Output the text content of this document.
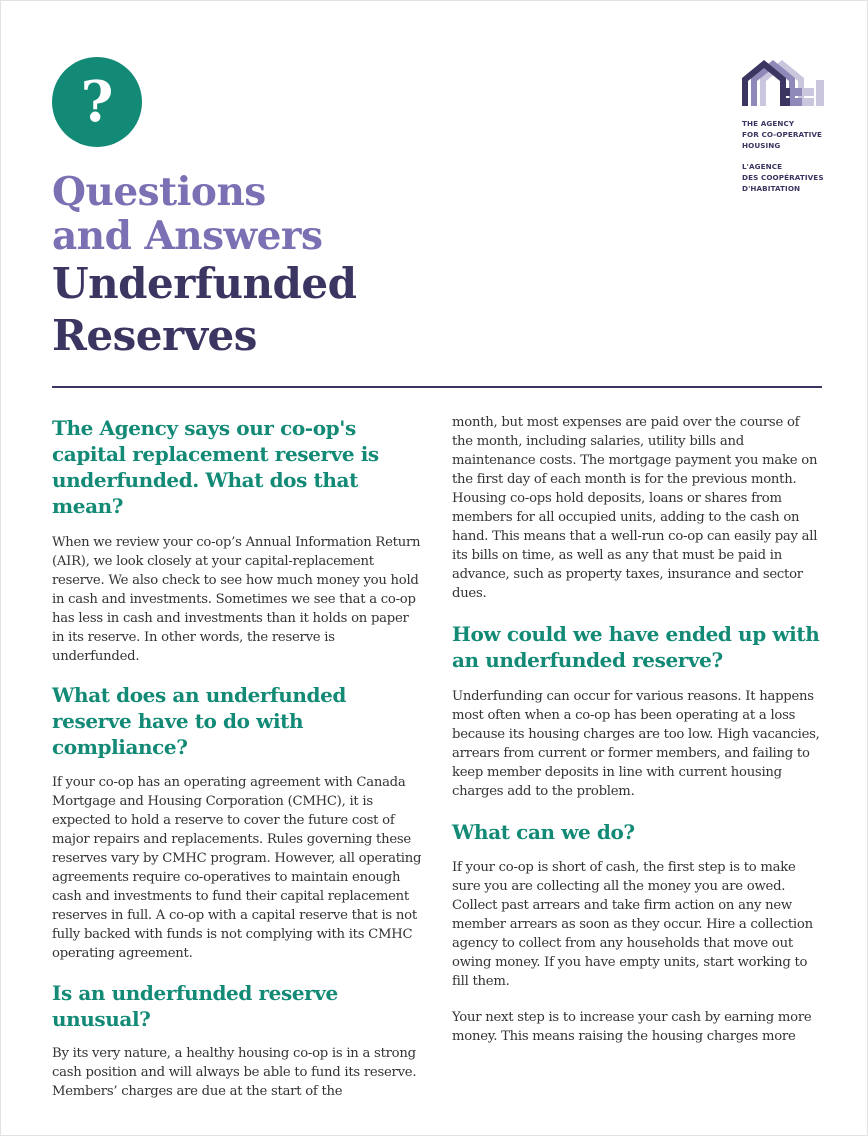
?
Questions
and Answers
Underfunded
Reserves
THE AGENCY
FOR CO-OPERATIVE
HOUSING
L'AGENCE
DES COOPÉRATIVES
D'HABITATION
The Agency says our co-op's capital replacement reserve is underfunded. What dos that mean?

When we review your co-op’s Annual Information Return (AIR), we look closely at your capital-replacement reserve. We also check to see how much money you hold in cash and investments. Sometimes we see that a co-op has less in cash and investments than it holds on paper in its reserve. In other words, the reserve is underfunded.

What does an underfunded reserve have to do with compliance?

If your co-op has an operating agreement with Canada Mortgage and Housing Corporation (CMHC), it is expected to hold a reserve to cover the future cost of major repairs and replacements. Rules governing these reserves vary by CMHC program. However, all operating agreements require co-operatives to maintain enough cash and investments to fund their capital replacement reserves in full. A co-op with a capital reserve that is not fully backed with funds is not complying with its CMHC operating agreement.

Is an underfunded reserve unusual?

By its very nature, a healthy housing co-op is in a strong cash position and will always be able to fund its reserve. Members’ charges are due at the start of the

month, but most expenses are paid over the course of the month, including salaries, utility bills and maintenance costs. The mortgage payment you make on the first day of each month is for the previous month. Housing co-ops hold deposits, loans or shares from members for all occupied units, adding to the cash on hand. This means that a well-run co-op can easily pay all its bills on time, as well as any that must be paid in advance, such as property taxes, insurance and sector dues.

How could we have ended up with an underfunded reserve?

Underfunding can occur for various reasons. It happens most often when a co-op has been operating at a loss because its housing charges are too low. High vacancies, arrears from current or former members, and failing to keep member deposits in line with current housing charges add to the problem.

What can we do?

If your co-op is short of cash, the first step is to make sure you are collecting all the money you are owed. Collect past arrears and take firm action on any new member arrears as soon as they occur. Hire a collection agency to collect from any households that move out owing money. If you have empty units, start working to fill them.

Your next step is to increase your cash by earning more money. This means raising the housing charges more
